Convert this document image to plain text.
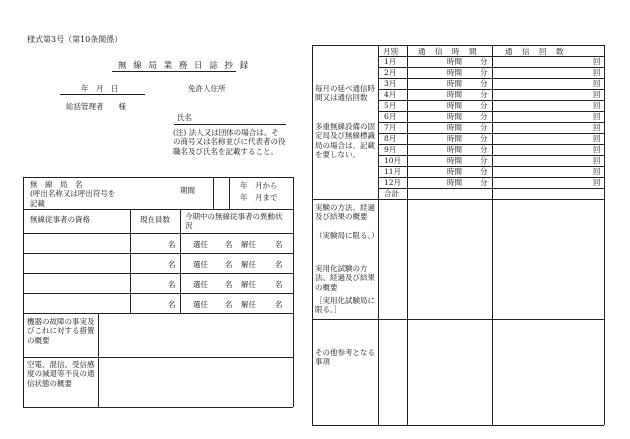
様式第3号（第10条関係）
無 線 局 業 務 日 誌 抄 録
年　月　日	免許人住所
総括管理者　　様
氏名
(注) 法人又は団体の場合は、その商号又は名称並びに代表者の役職名及び氏名を記載すること。
無　線　局　名
(呼出名称又は呼出符号を記載
期間
年　月から
年　月まで
無線従事者の資格	現在員数 今期中の無線従事者の異動状況
名 選任 名 解任	名
名 選任 名 解任	名
名 選任 名 解任	名
名 選任 名 解任	名
機器の故障の事実及びこれに対する措置の概要
空電、混信、受信感度の減退等不良の通信状態の概要
月別	通　信　時　間	通　信　回　数
毎月の延べ通信時間又は通信回数
多重無線設備の固定局及び無線標識局の場合は、記載を要しない。
1月	時間 分	回
2月	時間 分	回
3月	時間 分	回
4月	時間 分	回
5月	時間 分	回
6月	時間 分	回
7月	時間 分	回
8月	時間 分	回
9月	時間 分	回
10月	時間 分	回
11月	時間 分	回
12月	時間 分	回
合計
実験の方法、経過及び結果の概要
（実験局に限る。）
実用化試験の方法、経過及び結果の概要
［実用化試験局に限る。］
その他参考となる事項
